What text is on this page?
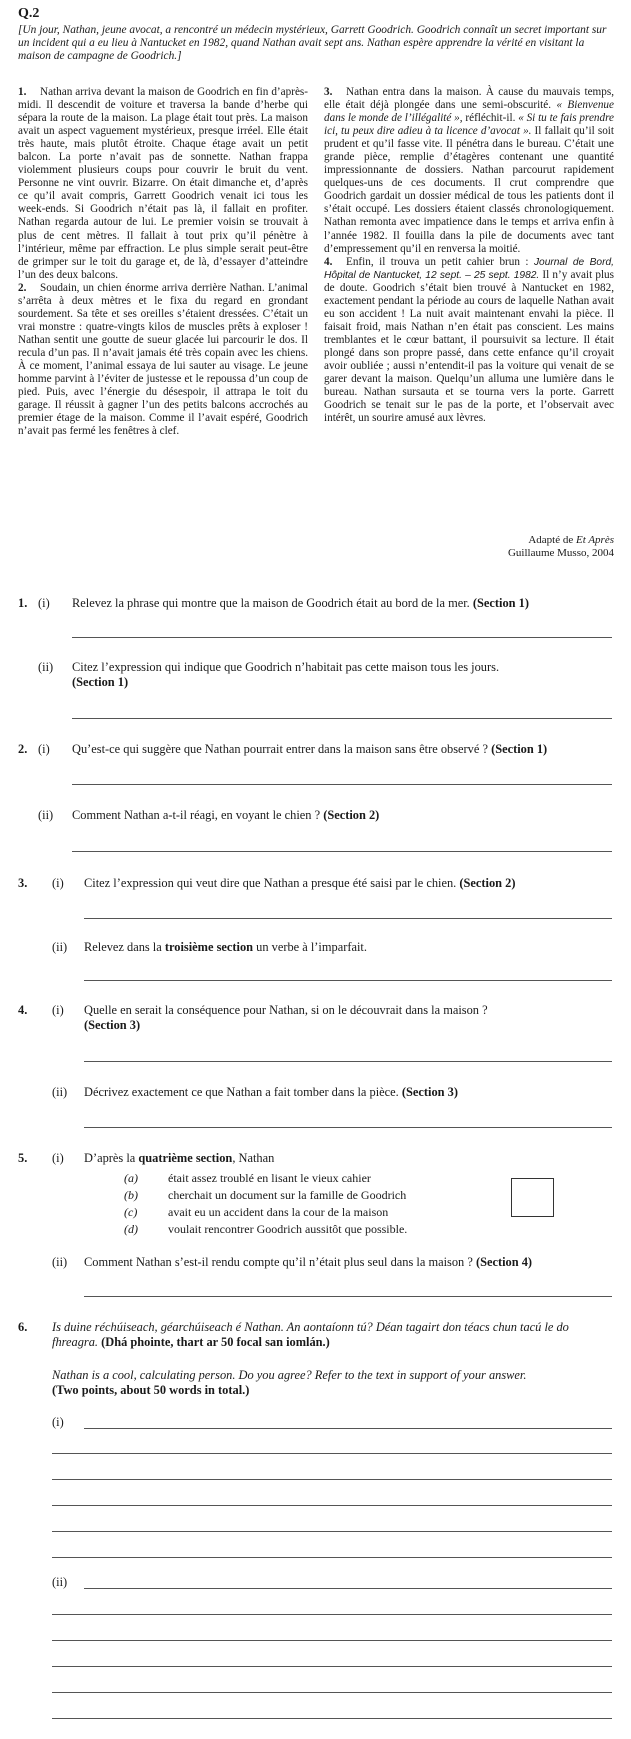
Q.2
[Un jour, Nathan, jeune avocat, a rencontré un médecin mystérieux, Garrett Goodrich. Goodrich connaît un secret important sur un incident qui a eu lieu à Nantucket en 1982, quand Nathan avait sept ans. Nathan espère apprendre la vérité en visitant la maison de campagne de Goodrich.]

1. Nathan arriva devant la maison de Goodrich en fin d’après-midi. Il descendit de voiture et traversa la bande d’herbe qui sépara la route de la maison. La plage était tout près. La maison avait un aspect vaguement mystérieux, presque irréel. Elle était très haute, mais plutôt étroite. Chaque étage avait un petit balcon. La porte n’avait pas de sonnette. Nathan frappa violemment plusieurs coups pour couvrir le bruit du vent. Personne ne vint ouvrir. Bizarre. On était dimanche et, d’après ce qu’il avait compris, Garrett Goodrich venait ici tous les week-ends. Si Goodrich n’était pas là, il fallait en profiter. Nathan regarda autour de lui. Le premier voisin se trouvait à plus de cent mètres. Il fallait à tout prix qu’il pénètre à l’intérieur, même par effraction. Le plus simple serait peut-être de grimper sur le toit du garage et, de là, d’essayer d’atteindre l’un des deux balcons.

2. Soudain, un chien énorme arriva derrière Nathan. L’animal s’arrêta à deux mètres et le fixa du regard en grondant sourdement. Sa tête et ses oreilles s’étaient dressées. C’était un vrai monstre : quatre-vingts kilos de muscles prêts à exploser ! Nathan sentit une goutte de sueur glacée lui parcourir le dos. Il recula d’un pas. Il n’avait jamais été très copain avec les chiens. À ce moment, l’animal essaya de lui sauter au visage. Le jeune homme parvint à l’éviter de justesse et le repoussa d’un coup de pied. Puis, avec l’énergie du désespoir, il attrapa le toit du garage. Il réussit à gagner l’un des petits balcons accrochés au premier étage de la maison. Comme il l’avait espéré, Goodrich n’avait pas fermé les fenêtres à clef.

3. Nathan entra dans la maison. À cause du mauvais temps, elle était déjà plongée dans une semi-obscurité. « Bienvenue dans le monde de l’illégalité », réfléchit-il. « Si tu te fais prendre ici, tu peux dire adieu à ta licence d’avocat ». Il fallait qu’il soit prudent et qu’il fasse vite. Il pénétra dans le bureau. C’était une grande pièce, remplie d’étagères contenant une quantité impressionnante de dossiers. Nathan parcourut rapidement quelques-uns de ces documents. Il crut comprendre que Goodrich gardait un dossier médical de tous les patients dont il s’était occupé. Les dossiers étaient classés chronologiquement. Nathan remonta avec impatience dans le temps et arriva enfin à l’année 1982. Il fouilla dans la pile de documents avec tant d’empressement qu’il en renversa la moitié.

4. Enfin, il trouva un petit cahier brun : Journal de Bord, Hôpital de Nantucket, 12 sept. – 25 sept. 1982. Il n’y avait plus de doute. Goodrich s’était bien trouvé à Nantucket en 1982, exactement pendant la période au cours de laquelle Nathan avait eu son accident ! La nuit avait maintenant envahi la pièce. Il faisait froid, mais Nathan n’en était pas conscient. Les mains tremblantes et le cœur battant, il poursuivit sa lecture. Il était plongé dans son propre passé, dans cette enfance qu’il croyait avoir oubliée ; aussi n’entendit-il pas la voiture qui venait de se garer devant la maison. Quelqu’un alluma une lumière dans le bureau. Nathan sursauta et se tourna vers la porte. Garrett Goodrich se tenait sur le pas de la porte, et l’observait avec intérêt, un sourire amusé aux lèvres.

Adapté de Et Après
Guillaume Musso, 2004
1. (i) Relevez la phrase qui montre que la maison de Goodrich était au bord de la mer. (Section 1)
(ii) Citez l’expression qui indique que Goodrich n’habitait pas cette maison tous les jours.
(Section 1)
2. (i) Qu’est-ce qui suggère que Nathan pourrait entrer dans la maison sans être observé ? (Section 1)
(ii) Comment Nathan a-t-il réagi, en voyant le chien ? (Section 2)
3. (i) Citez l’expression qui veut dire que Nathan a presque été saisi par le chien. (Section 2)
(ii) Relevez dans la troisième section un verbe à l’imparfait.
4. (i) Quelle en serait la conséquence pour Nathan, si on le découvrait dans la maison ?
(Section 3)
(ii) Décrivez exactement ce que Nathan a fait tomber dans la pièce. (Section 3)
5. (i) D’après la quatrième section, Nathan
(a)	était assez troublé en lisant le vieux cahier
(b)	cherchait un document sur la famille de Goodrich
(c)	avait eu un accident dans la cour de la maison
(d)	voulait rencontrer Goodrich aussitôt que possible.
(ii) Comment Nathan s’est-il rendu compte qu’il n’était plus seul dans la maison ? (Section 4)
6. Is duine réchúiseach, géarchúiseach é Nathan. An aontaíonn tú? Déan tagairt don téacs chun tacú le do fhreagra. (Dhá phointe, thart ar 50 focal san iomlán.)
Nathan is a cool, calculating person. Do you agree? Refer to the text in support of your answer.
(Two points, about 50 words in total.)
(i)
(ii)
